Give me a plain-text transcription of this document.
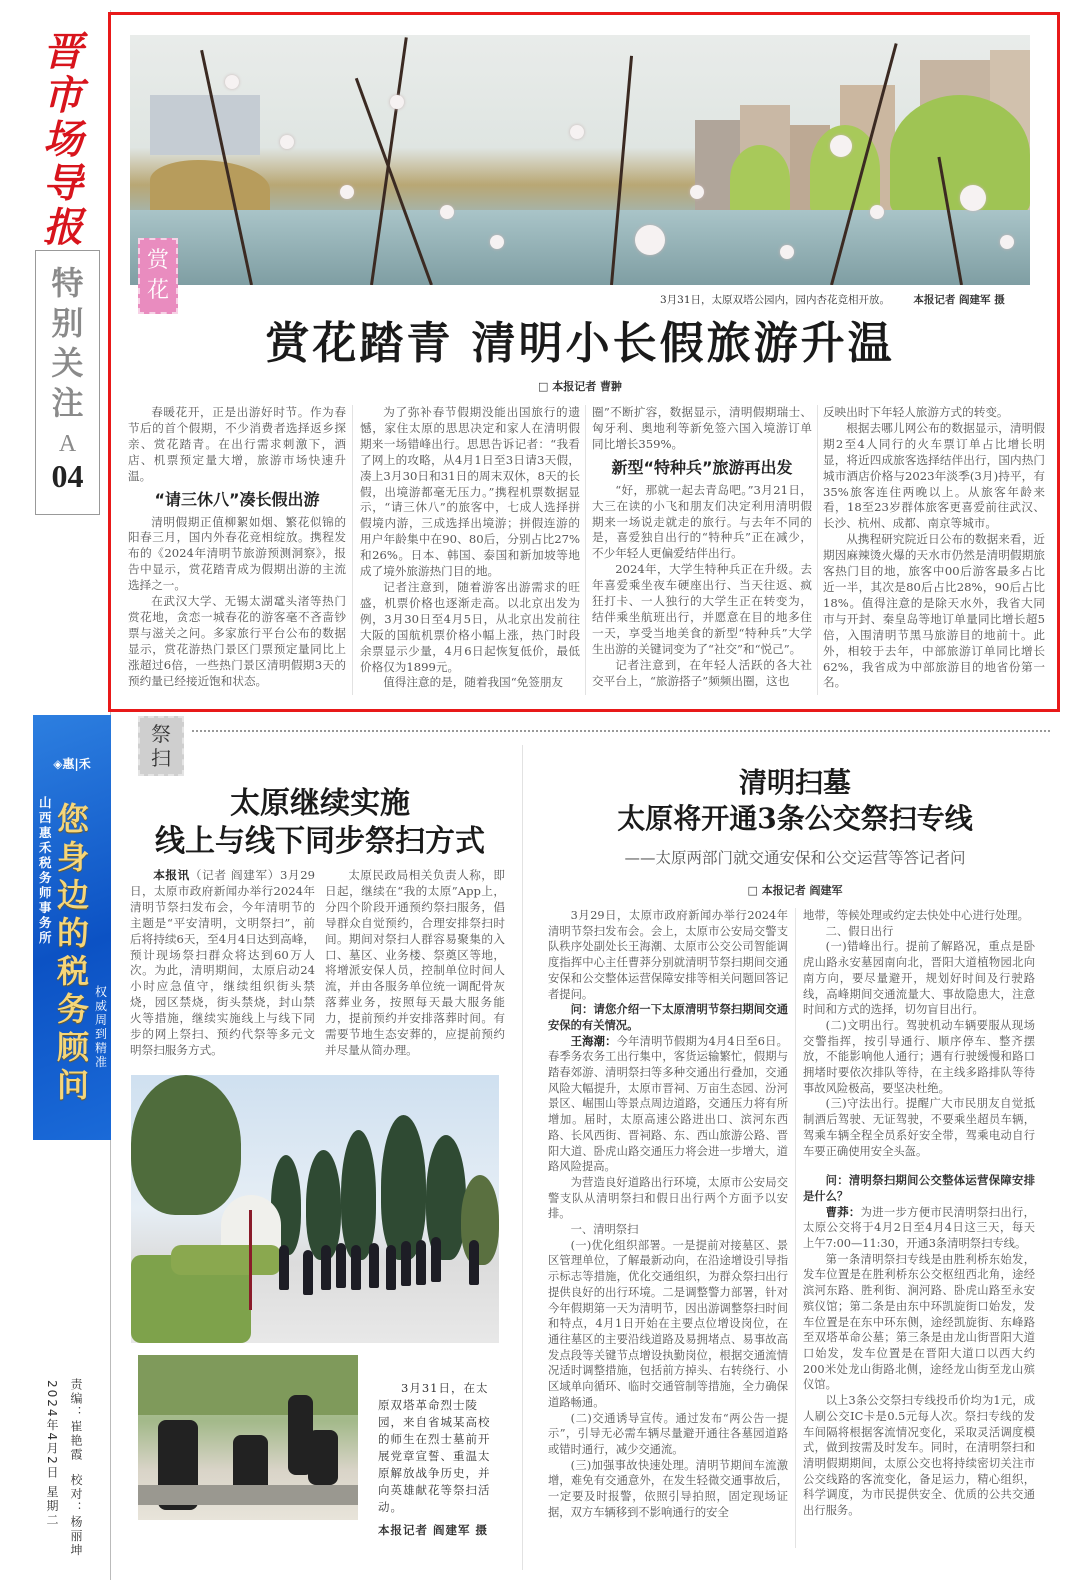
晋
市
场
导
报
特
别
关
注
A
04
赏
花	3月31日，太原双塔公园内，园内杏花竞相开放。 本报记者 阎建军 摄
赏花踏青 清明小长假旅游升温
□ 本报记者 曹翀

春暖花开，正是出游好时节。作为春节后的首个假期，不少消费者选择返乡探亲、赏花踏青。在出行需求刺激下，酒店、机票预定量大增，旅游市场快速升温。

“请三休八”凑长假出游

清明假期正值柳絮如烟、繁花似锦的阳春三月，国内外春花竞相绽放。携程发布的《2024年清明节旅游预测洞察》，报告中显示，赏花踏青成为假期出游的主流选择之一。

在武汉大学、无锡太湖鼋头渚等热门赏花地，贪恋一城春花的游客毫不吝啬钞票与滋关之问。多家旅行平台公布的数据显示，赏花游热门景区门票预定量同比上涨超过6倍，一些热门景区清明假期3天的预约量已经接近饱和状态。

为了弥补春节假期没能出国旅行的遗憾，家住太原的思思决定和家人在清明假期来一场错峰出行。思思告诉记者：“我看了网上的攻略，从4月1日至3日请3天假，凑上3月30日和31日的周末双休，8天的长假，出境游都毫无压力。”携程机票数据显示，“请三休八”的旅客中，七成人选择拼假境内游，三成选择出境游；拼假连游的用户年龄集中在90、80后，分别占比27%和26%。日本、韩国、泰国和新加坡等地成了境外旅游热门目的地。

记者注意到，随着游客出游需求的旺盛，机票价格也逐渐走高。以北京出发为例，3月30日至4月5日，从北京出发前往大阪的国航机票价格小幅上涨，热门时段余票显示少量，4月6日起恢复低价，最低价格仅为1899元。

值得注意的是，随着我国“免签朋友

圈”不断扩容，数据显示，清明假期瑞士、匈牙利、奥地利等新免签六国入境游订单同比增长359%。

新型“特种兵”旅游再出发

“好，那就一起去青岛吧。”3月21日，大三在读的小飞和朋友们决定利用清明假期来一场说走就走的旅行。与去年不同的是，喜爱独自出行的“特种兵”正在减少，不少年轻人更偏爱结伴出行。

2024年，大学生特种兵正在升级。去年喜爱乘坐夜车硬座出行、当天往返、疯狂打卡、一人独行的大学生正在转变为，结伴乘坐航班出行，并愿意在目的地多住一天，享受当地美食的新型“特种兵”大学生出游的关键词变为了“社交”和“悦己”。

记者注意到，在年轻人活跃的各大社交平台上，“旅游搭子”频频出圈，这也

反映出时下年轻人旅游方式的转变。

根据去哪儿网公布的数据显示，清明假期2至4人同行的火车票订单占比增长明显，将近四成旅客选择结伴出行，国内热门城市酒店价格与2023年淡季(3月)持平，有35%旅客连住两晚以上。从旅客年龄来看，18至23岁群体旅客更喜爱前往武汉、长沙、杭州、成都、南京等城市。

从携程研究院近日公布的数据来看，近期因麻辣烫火爆的天水市仍然是清明假期旅客热门目的地，旅客中00后游客最多占比近一半，其次是80后占比28%，90后占比18%。值得注意的是除天水外，我省大同市与开封、秦皇岛等地订单量同比增长超5倍，入围清明节黑马旅游目的地前十。此外，相较于去年，中部旅游订单同比增长62%，我省成为中部旅游目的地省份第一名。

◈惠|禾
山西惠禾税务师事务所
您身边的税务顾问
权威
周到
精准
祭
扫
太原继续实施
线上与线下同步祭扫方式

本报讯（记者 阎建军）3月29日，太原市政府新闻办举行2024年清明节祭扫发布会，今年清明节的主题是“平安清明，文明祭扫”，前后将持续6天，至4月4日达到高峰，预计现场祭扫群众将达到60万人次。为此，清明期间，太原启动24小时应急值守，继续组织街头禁烧，园区禁烧，街头禁烧，封山禁火等措施，继续实施线上与线下同步的网上祭扫、预约代祭等多元文明祭扫服务方式。

太原民政局相关负责人称，即日起，继续在“我的太原”App上，分四个阶段开通预约祭扫服务，倡导群众自觉预约，合理安排祭扫时间。期间对祭扫人群容易聚集的入口、墓区、业务楼、祭奠区等地，将增派安保人员，控制单位时间人流，并由各服务单位统一调配骨灰落葬业务，按照每天最大服务能力，提前预约并安排落葬时间。有需要节地生态安葬的，应提前预约并尽量从简办理。

3月31日，在太原双塔革命烈士陵园，来自省城某高校的师生在烈士墓前开展党章宣誓、重温太原解放战争历史，并向英雄献花等祭扫活动。

本报记者 阎建军 摄

清明扫墓
太原将开通3条公交祭扫专线
——太原两部门就交通安保和公交运营等答记者问
□ 本报记者 阎建军

3月29日，太原市政府新闻办举行2024年清明节祭扫发布会。会上，太原市公安局交警支队秩序处副处长王海潮、太原市公交公司智能调度指挥中心主任曹莽分别就清明节祭扫期间交通安保和公交整体运营保障安排等相关问题回答记者提问。

问：请您介绍一下太原清明节祭扫期间交通安保的有关情况。

王海潮：今年清明节假期为4月4日至6日。春季务农务工出行集中，客货运输繁忙，假期与踏春郊游、清明祭扫等多种交通出行叠加，交通风险大幅提升，太原市晋祠、万亩生态园、汾河景区、崛围山等景点周边道路，交通压力将有所增加。届时，太原高速公路进出口、滨河东西路、长风西街、晋祠路、东、西山旅游公路、晋阳大道、卧虎山路交通压力将会进一步增大，道路风险提高。

为营造良好道路出行环境，太原市公安局交警支队从清明祭扫和假日出行两个方面予以安排。

一、清明祭扫

(一)优化组织部署。一是提前对接墓区、景区管理单位，了解最新动向，在沿途增设引导指示标志等措施，优化交通组织，为群众祭扫出行提供良好的出行环境。二是调整警力部署，针对今年假期第一天为清明节，因出游调整祭扫时间和特点，4月1日开始在主要点位增设岗位，在通往墓区的主要沿线道路及易拥堵点、易事故高发点段等关键节点增设执勤岗位，根据交通流情况适时调整措施，包括前方掉头、右转绕行、小区域单向循环、临时交通管制等措施，全力确保道路畅通。

(二)交通诱导宣传。通过发布“两公告一提示”，引导无必需车辆尽量避开通往各墓园道路或错时通行，减少交通流。

(三)加强事故快速处理。清明节期间车流激增，难免有交通意外，在发生轻微交通事故后，一定要及时报警，依照引导拍照，固定现场证据，双方车辆移到不影响通行的安全

地带，等候处理或约定去快处中心进行处理。

二、假日出行

(一)错峰出行。提前了解路况，重点是卧虎山路永安墓园南向北，晋阳大道植物园北向南方向，要尽量避开，规划好时间及行驶路线，高峰期间交通流量大、事故隐患大，注意时间和方式的选择，切勿盲目出行。

(二)文明出行。驾驶机动车辆要服从现场交警指挥，按引导通行、顺序停车、整齐摆放，不能影响他人通行；遇有行驶缓慢和路口拥堵时要依次排队等待，在主线多路排队等待事故风险极高，要坚决杜绝。

(三)守法出行。提醒广大市民朋友自觉抵制酒后驾驶、无证驾驶，不要乘坐超员车辆，驾乘车辆全程全员系好安全带，驾乘电动自行车要正确使用安全头盔。

问：清明祭扫期间公交整体运营保障安排是什么？

曹莽：为进一步方便市民清明祭扫出行，太原公交将于4月2日至4月4日这三天，每天上午7:00—11:30，开通3条清明祭扫专线。

第一条清明祭扫专线是由胜利桥东始发，发车位置是在胜利桥东公交枢纽西北角，途经滨河东路、胜利街、涧河路、卧虎山路至永安殡仪馆；第二条是由东中环凯旋街口始发，发车位置是在东中环东侧，途经凯旋街、东峰路至双塔革命公墓；第三条是由龙山街晋阳大道口始发，发车位置是在晋阳大道口以西大约200米处龙山街路北侧，途经龙山街至龙山殡仪馆。

以上3条公交祭扫专线投币价均为1元，成人刷公交IC卡是0.5元每人次。祭扫专线的发车间隔将根据客流情况变化，采取灵活调度模式，做到按需及时发车。同时，在清明祭扫和清明假期期间，太原公交也将持续密切关注市公交线路的客流变化，备足运力，精心组织，科学调度，为市民提供安全、优质的公共交通出行服务。

责编：崔艳霞  校对：杨丽坤
2024年4月2日 星期二
